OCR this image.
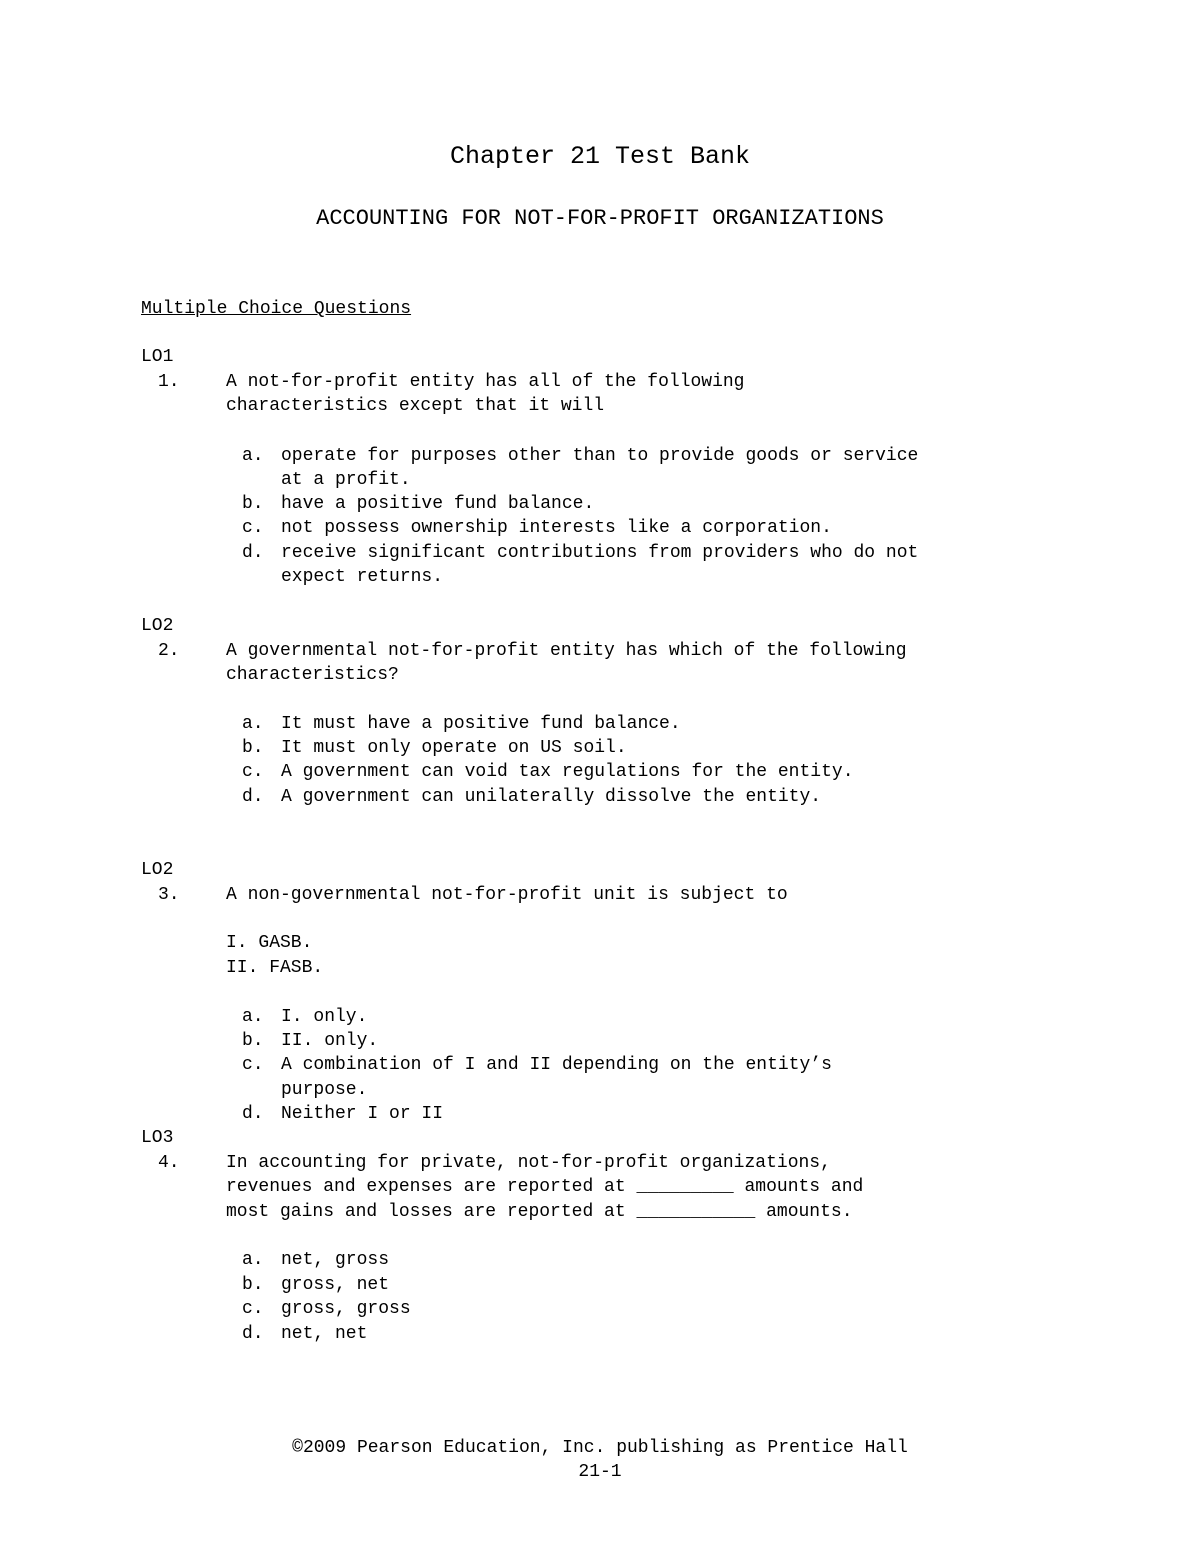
Chapter 21 Test Bank
ACCOUNTING FOR NOT-FOR-PROFIT ORGANIZATIONS
Multiple Choice Questions
LO1
1.	A not-for-profit entity has all of the following
characteristics except that it will
a. operate for purposes other than to provide goods or service
at a profit.
b. have a positive fund balance.
c. not possess ownership interests like a corporation.
d. receive significant contributions from providers who do not
expect returns.
LO2
2.	A governmental not-for-profit entity has which of the following
characteristics?
a. It must have a positive fund balance.
b. It must only operate on US soil.
c. A government can void tax regulations for the entity.
d. A government can unilaterally dissolve the entity.
LO2
3.	A non-governmental not-for-profit unit is subject to
I. GASB.
II. FASB.
a. I. only.
b. II. only.
c. A combination of I and II depending on the entity’s
purpose.
d. Neither I or II
LO3
4.	In accounting for private, not-for-profit organizations,
revenues and expenses are reported at _________ amounts and
most gains and losses are reported at ___________ amounts.
a. net, gross
b. gross, net
c. gross, gross
d. net, net
©2009 Pearson Education, Inc. publishing as Prentice Hall
21-1
